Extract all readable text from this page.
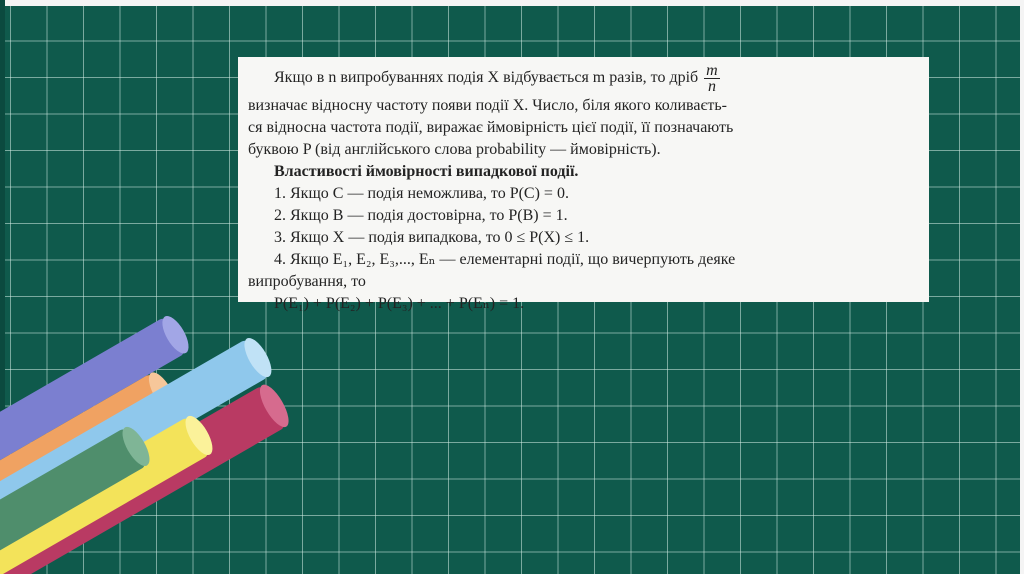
Якщо в n випробуваннях подія X відбувається m разів, то дріб $\frac{m}{n}$

визначає відносну частоту появи події X. Число, біля якого коливаєть-

ся відносна частота події, виражає ймовірність цієї події, її позначають

буквою P (від англійського слова probability — ймовірність).

Властивості ймовірності випадкової події.

1. Якщо C — подія неможлива, то P(C) = 0.

2. Якщо B — подія достовірна, то P(B) = 1.

3. Якщо X — подія випадкова, то 0 ≤ P(X) ≤ 1.

4. Якщо E₁, E₂, E₃,..., Eₙ — елементарні події, що вичерпують деяке

випробування, то

P(E₁) + P(E₂) + P(E₃) + ... + P(Eₙ) = 1.
